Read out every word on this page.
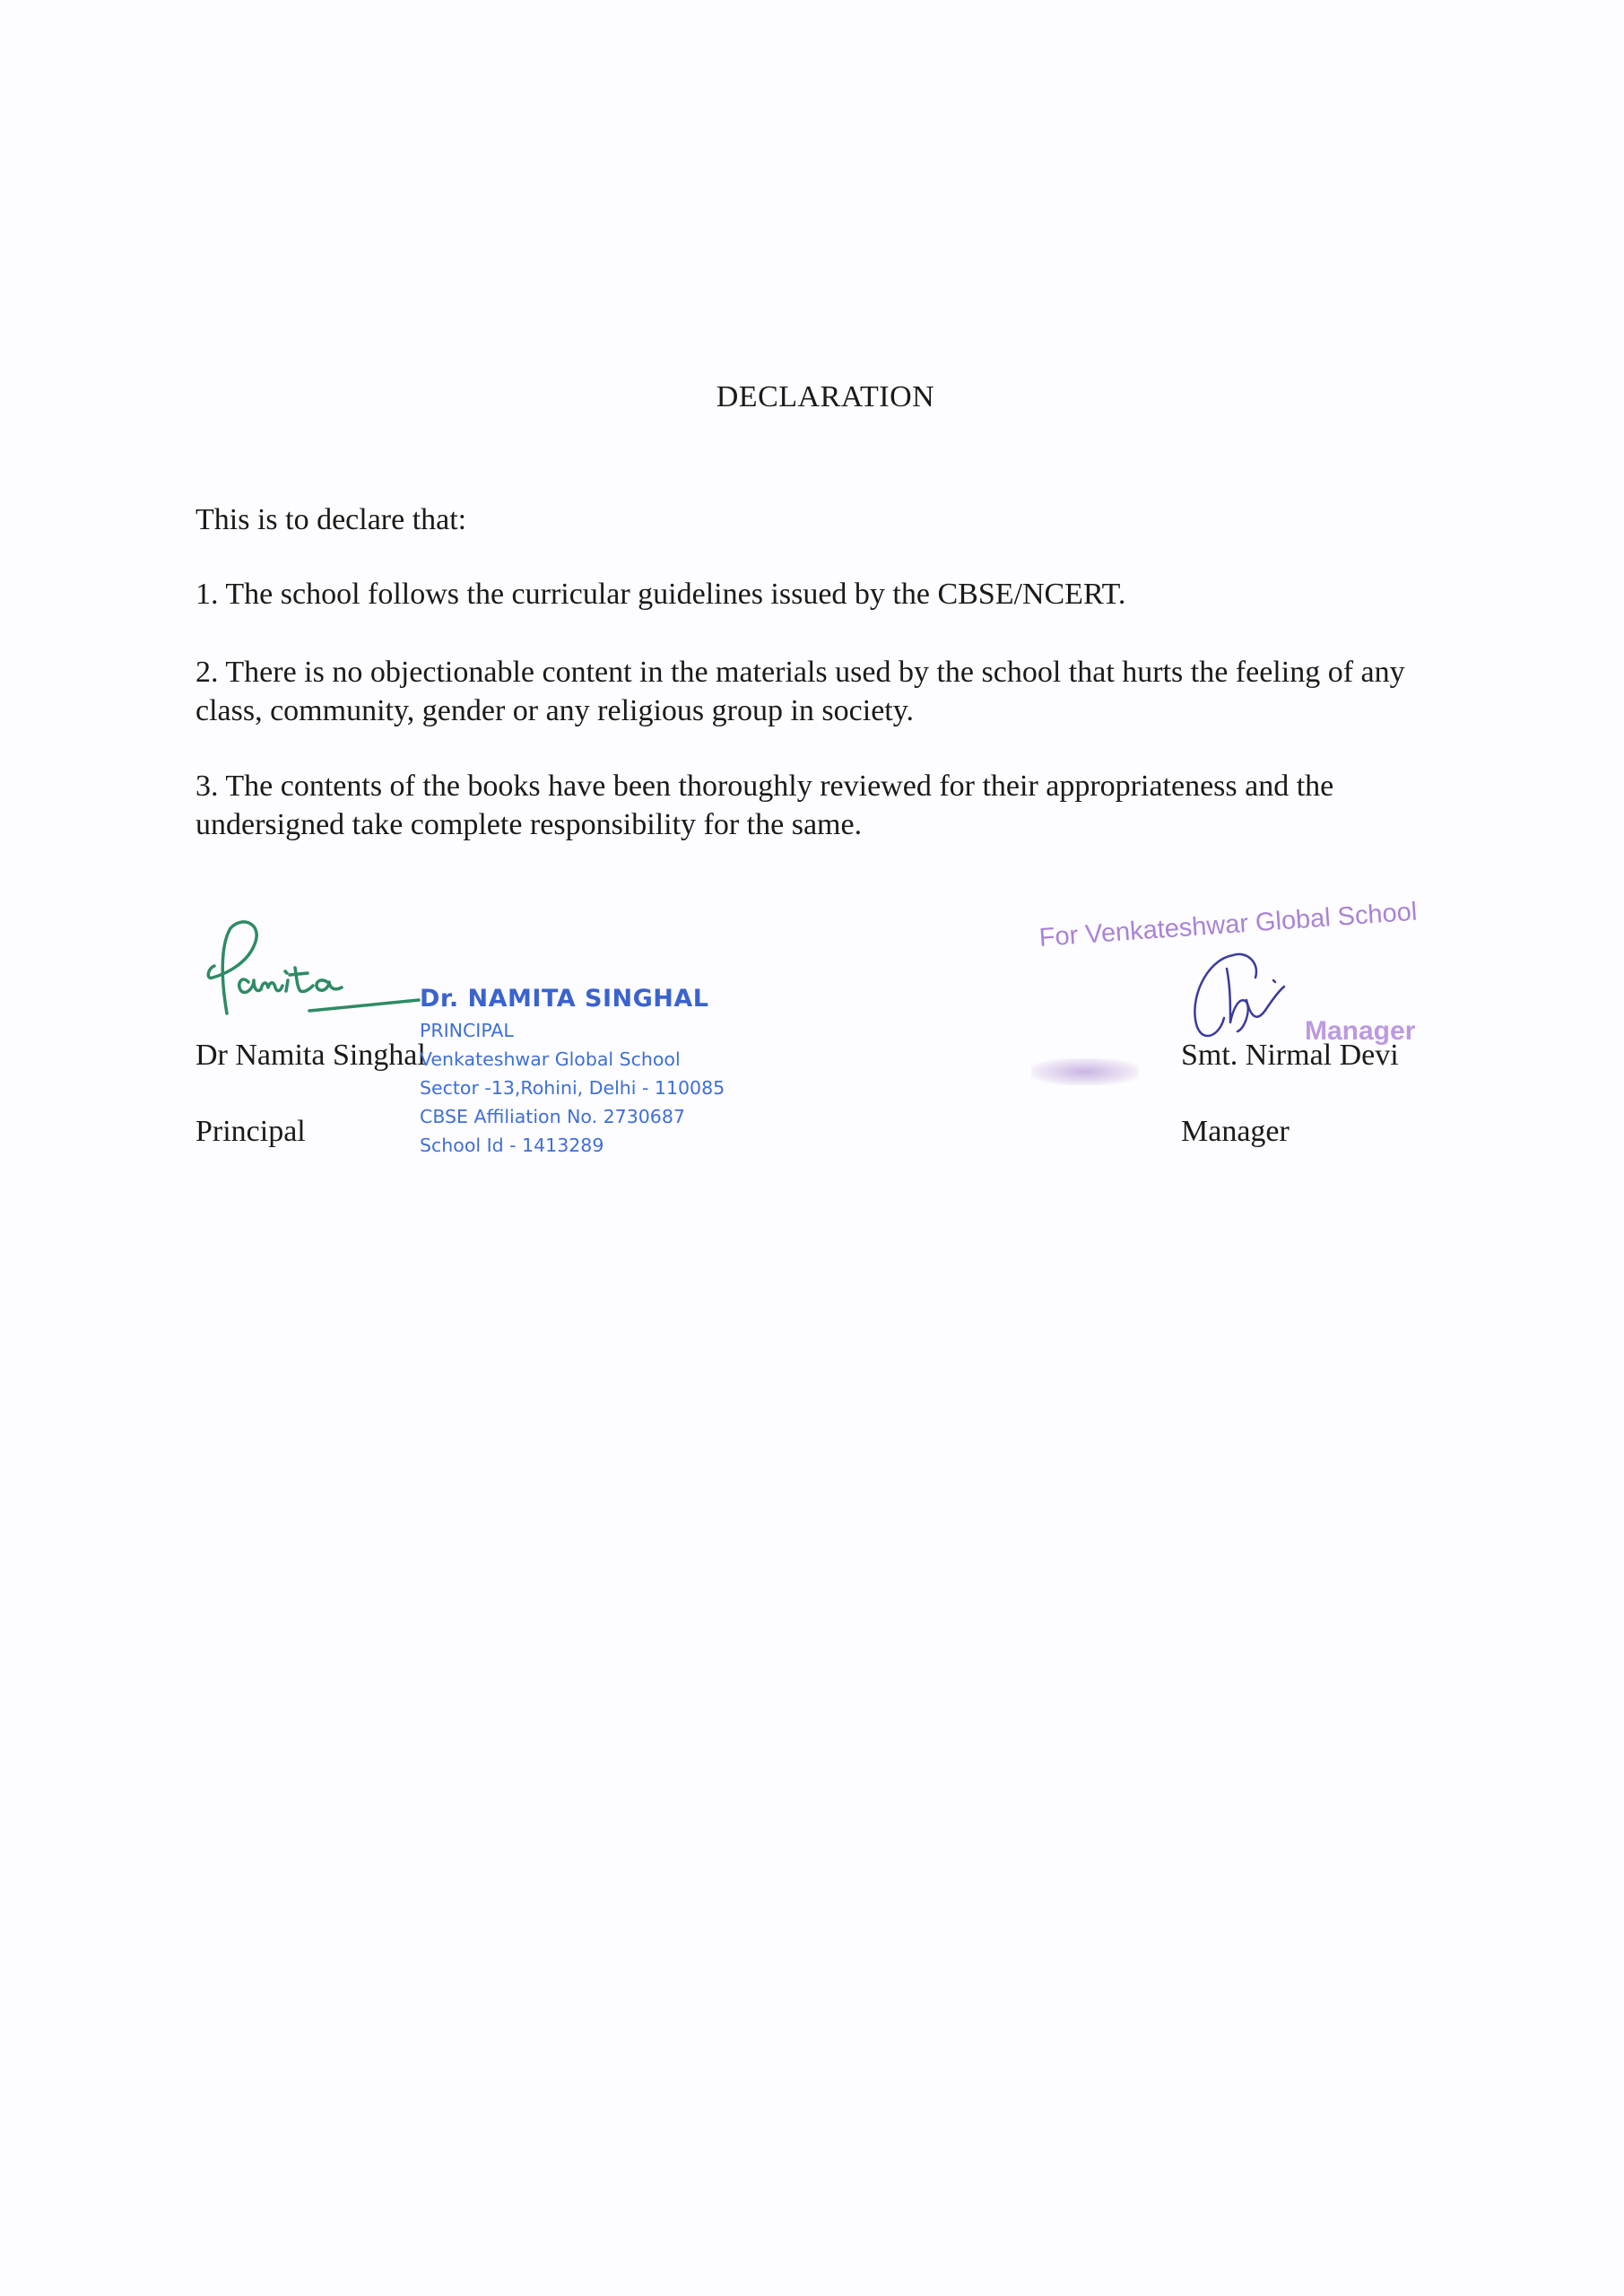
DECLARATION

This is to declare that:

1. The school follows the curricular guidelines issued by the CBSE/NCERT.

2. There is no objectionable content in the materials used by the school that hurts the feeling of any class, community, gender or any religious group in society.

3. The contents of the books have been thoroughly reviewed for their appropriateness and the undersigned take complete responsibility for the same.

Dr Namita Singhal
Principal
Dr. NAMITA SINGHAL
PRINCIPAL
Venkateshwar Global School
Sector -13,Rohini, Delhi - 110085
CBSE Affiliation No. 2730687
School Id - 1413289
For Venkateshwar Global School
Manager
Smt. Nirmal Devi
Manager
